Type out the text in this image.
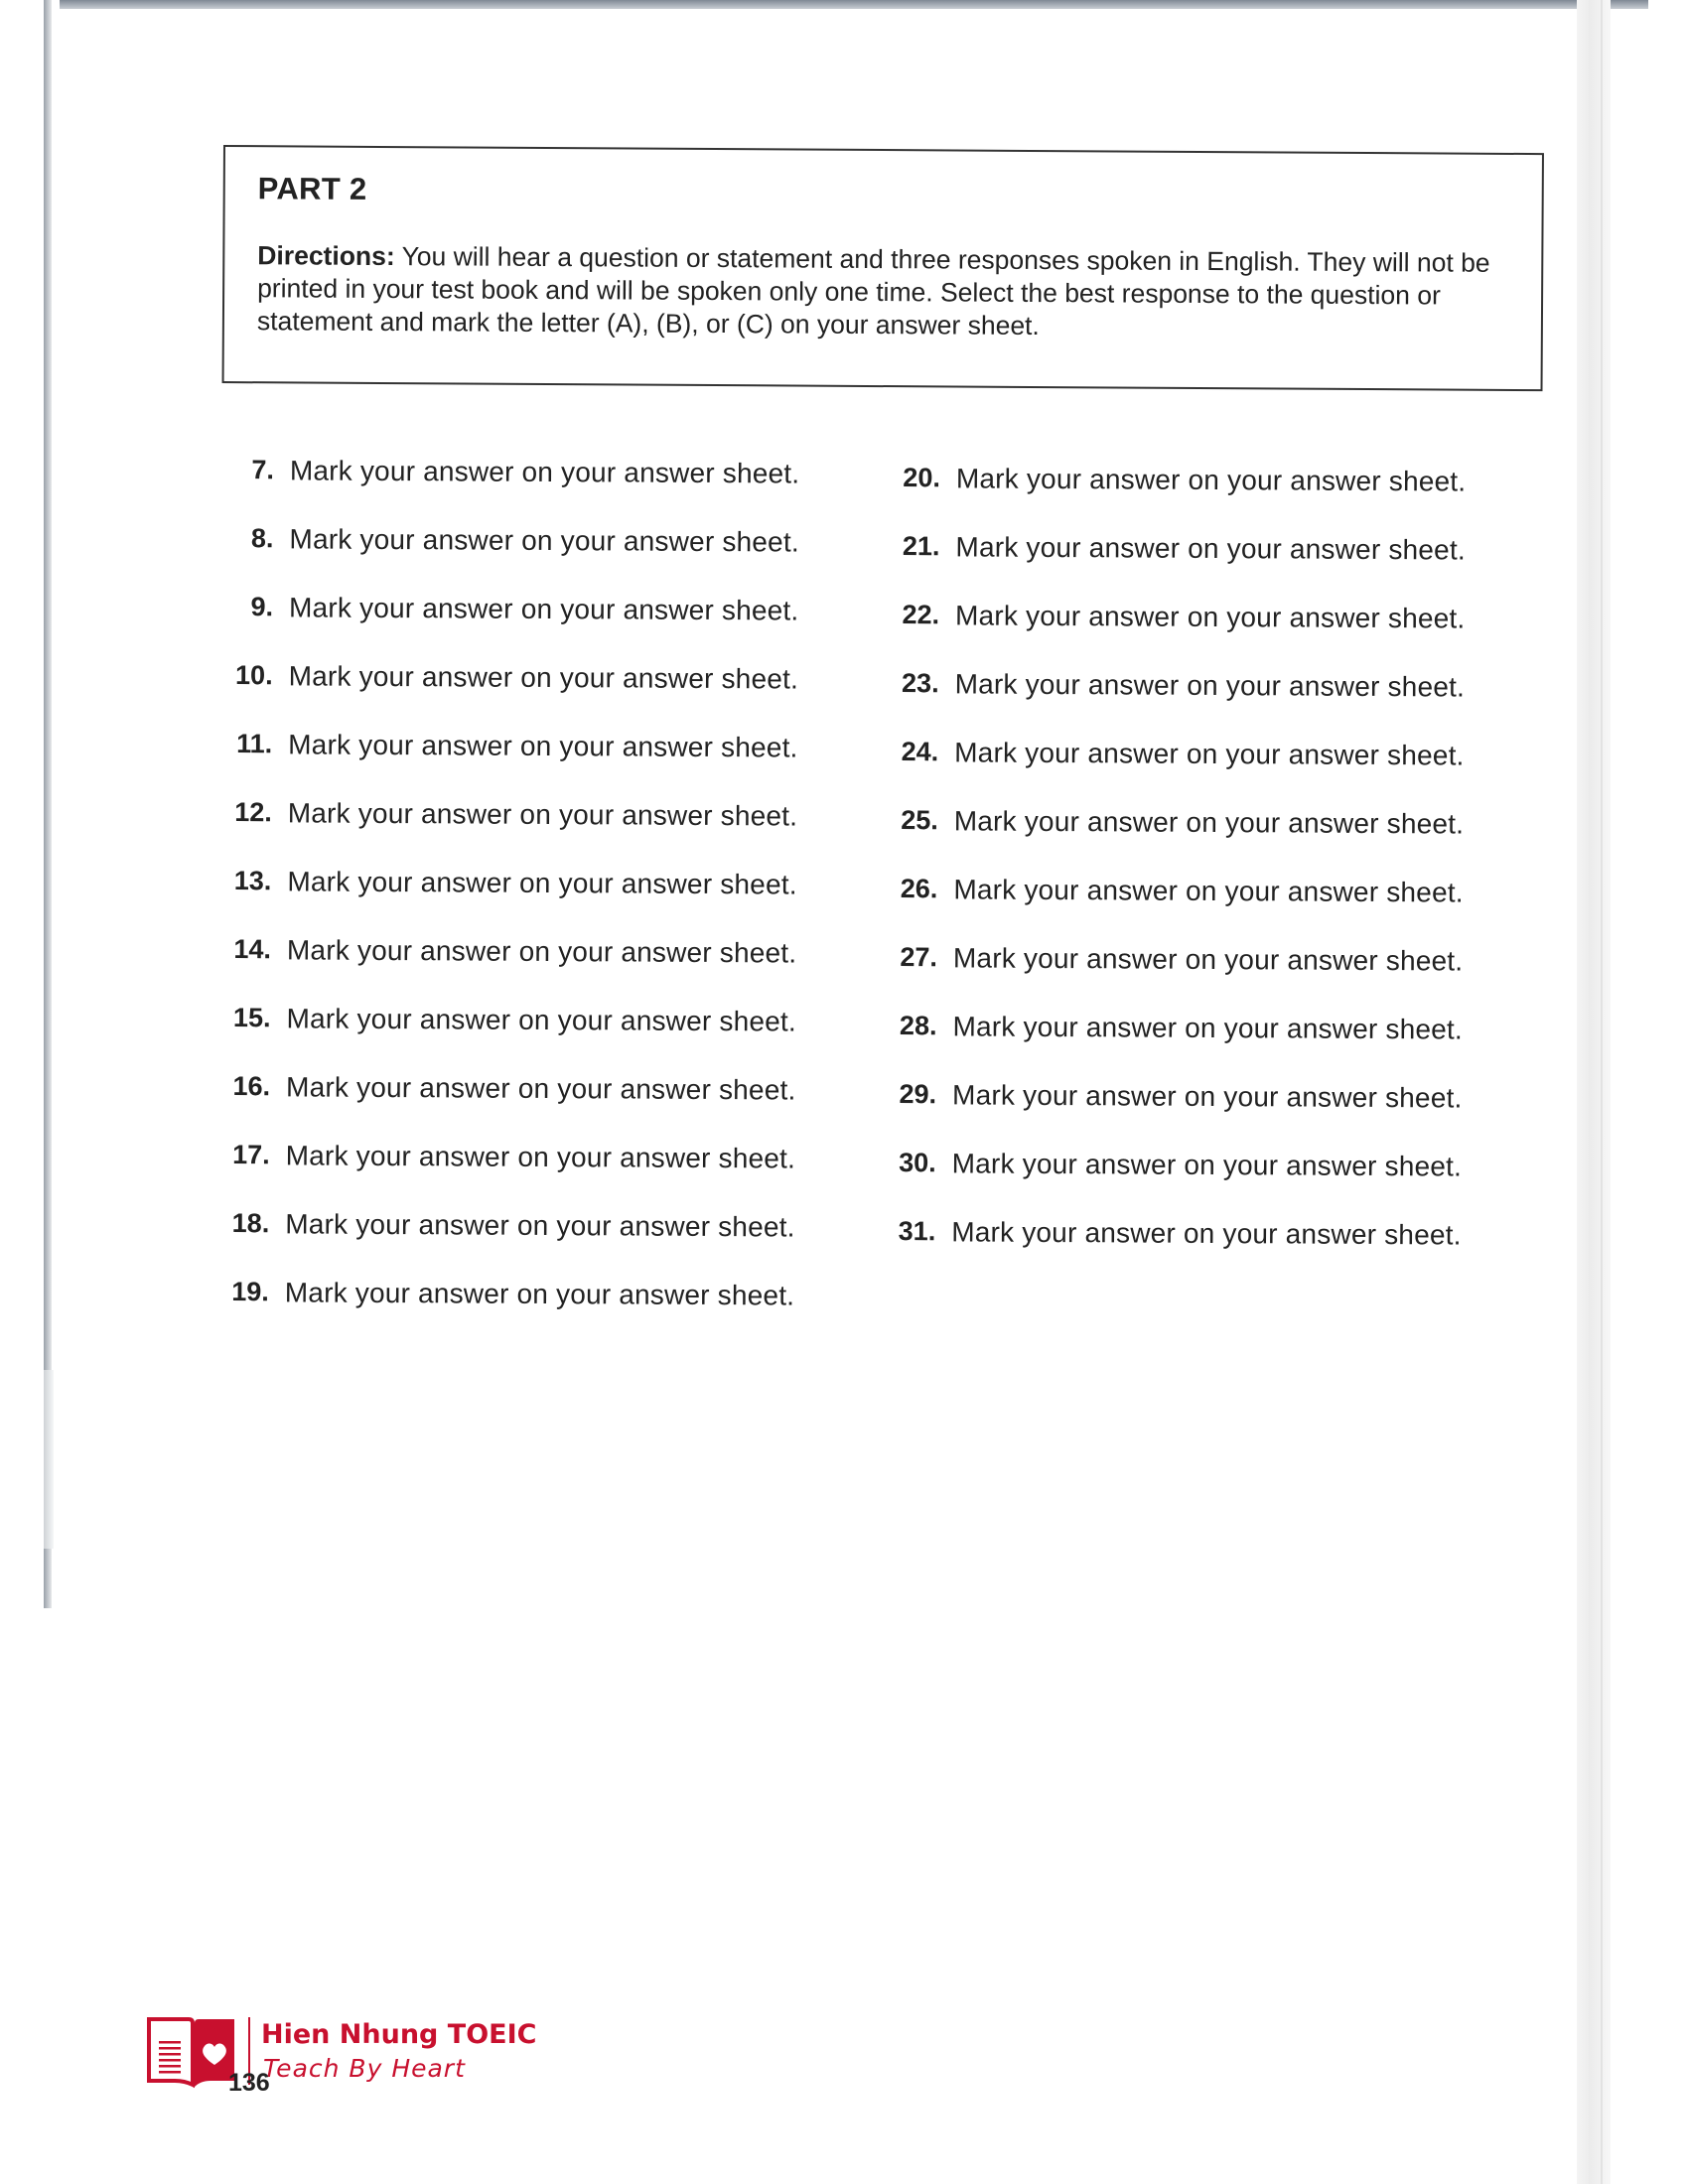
PART 2

Directions: You will hear a question or statement and three responses spoken in English. They will not be printed in your test book and will be spoken only one time. Select the best response to the question or statement and mark the letter (A), (B), or (C) on your answer sheet.

7. Mark your answer on your answer sheet.
8. Mark your answer on your answer sheet.
9. Mark your answer on your answer sheet.
10. Mark your answer on your answer sheet.
11. Mark your answer on your answer sheet.
12. Mark your answer on your answer sheet.
13. Mark your answer on your answer sheet.
14. Mark your answer on your answer sheet.
15. Mark your answer on your answer sheet.
16. Mark your answer on your answer sheet.
17. Mark your answer on your answer sheet.
18. Mark your answer on your answer sheet.
19. Mark your answer on your answer sheet.
20. Mark your answer on your answer sheet.
21. Mark your answer on your answer sheet.
22. Mark your answer on your answer sheet.
23. Mark your answer on your answer sheet.
24. Mark your answer on your answer sheet.
25. Mark your answer on your answer sheet.
26. Mark your answer on your answer sheet.
27. Mark your answer on your answer sheet.
28. Mark your answer on your answer sheet.
29. Mark your answer on your answer sheet.
30. Mark your answer on your answer sheet.
31. Mark your answer on your answer sheet.
Hien Nhung TOEIC
Teach By Heart
136
